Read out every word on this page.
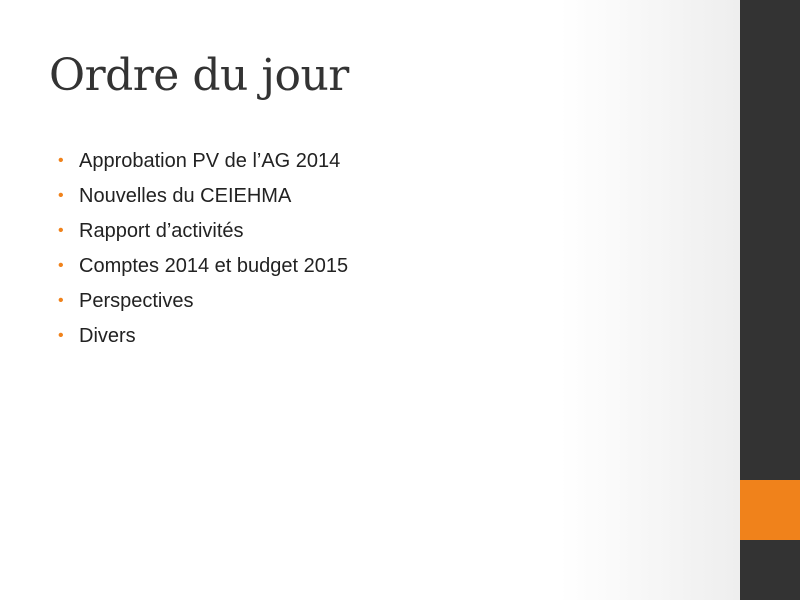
Ordre du jour
• Approbation PV de l’AG 2014
• Nouvelles du CEIEHMA
• Rapport d’activités
• Comptes 2014 et budget 2015
• Perspectives
• Divers
